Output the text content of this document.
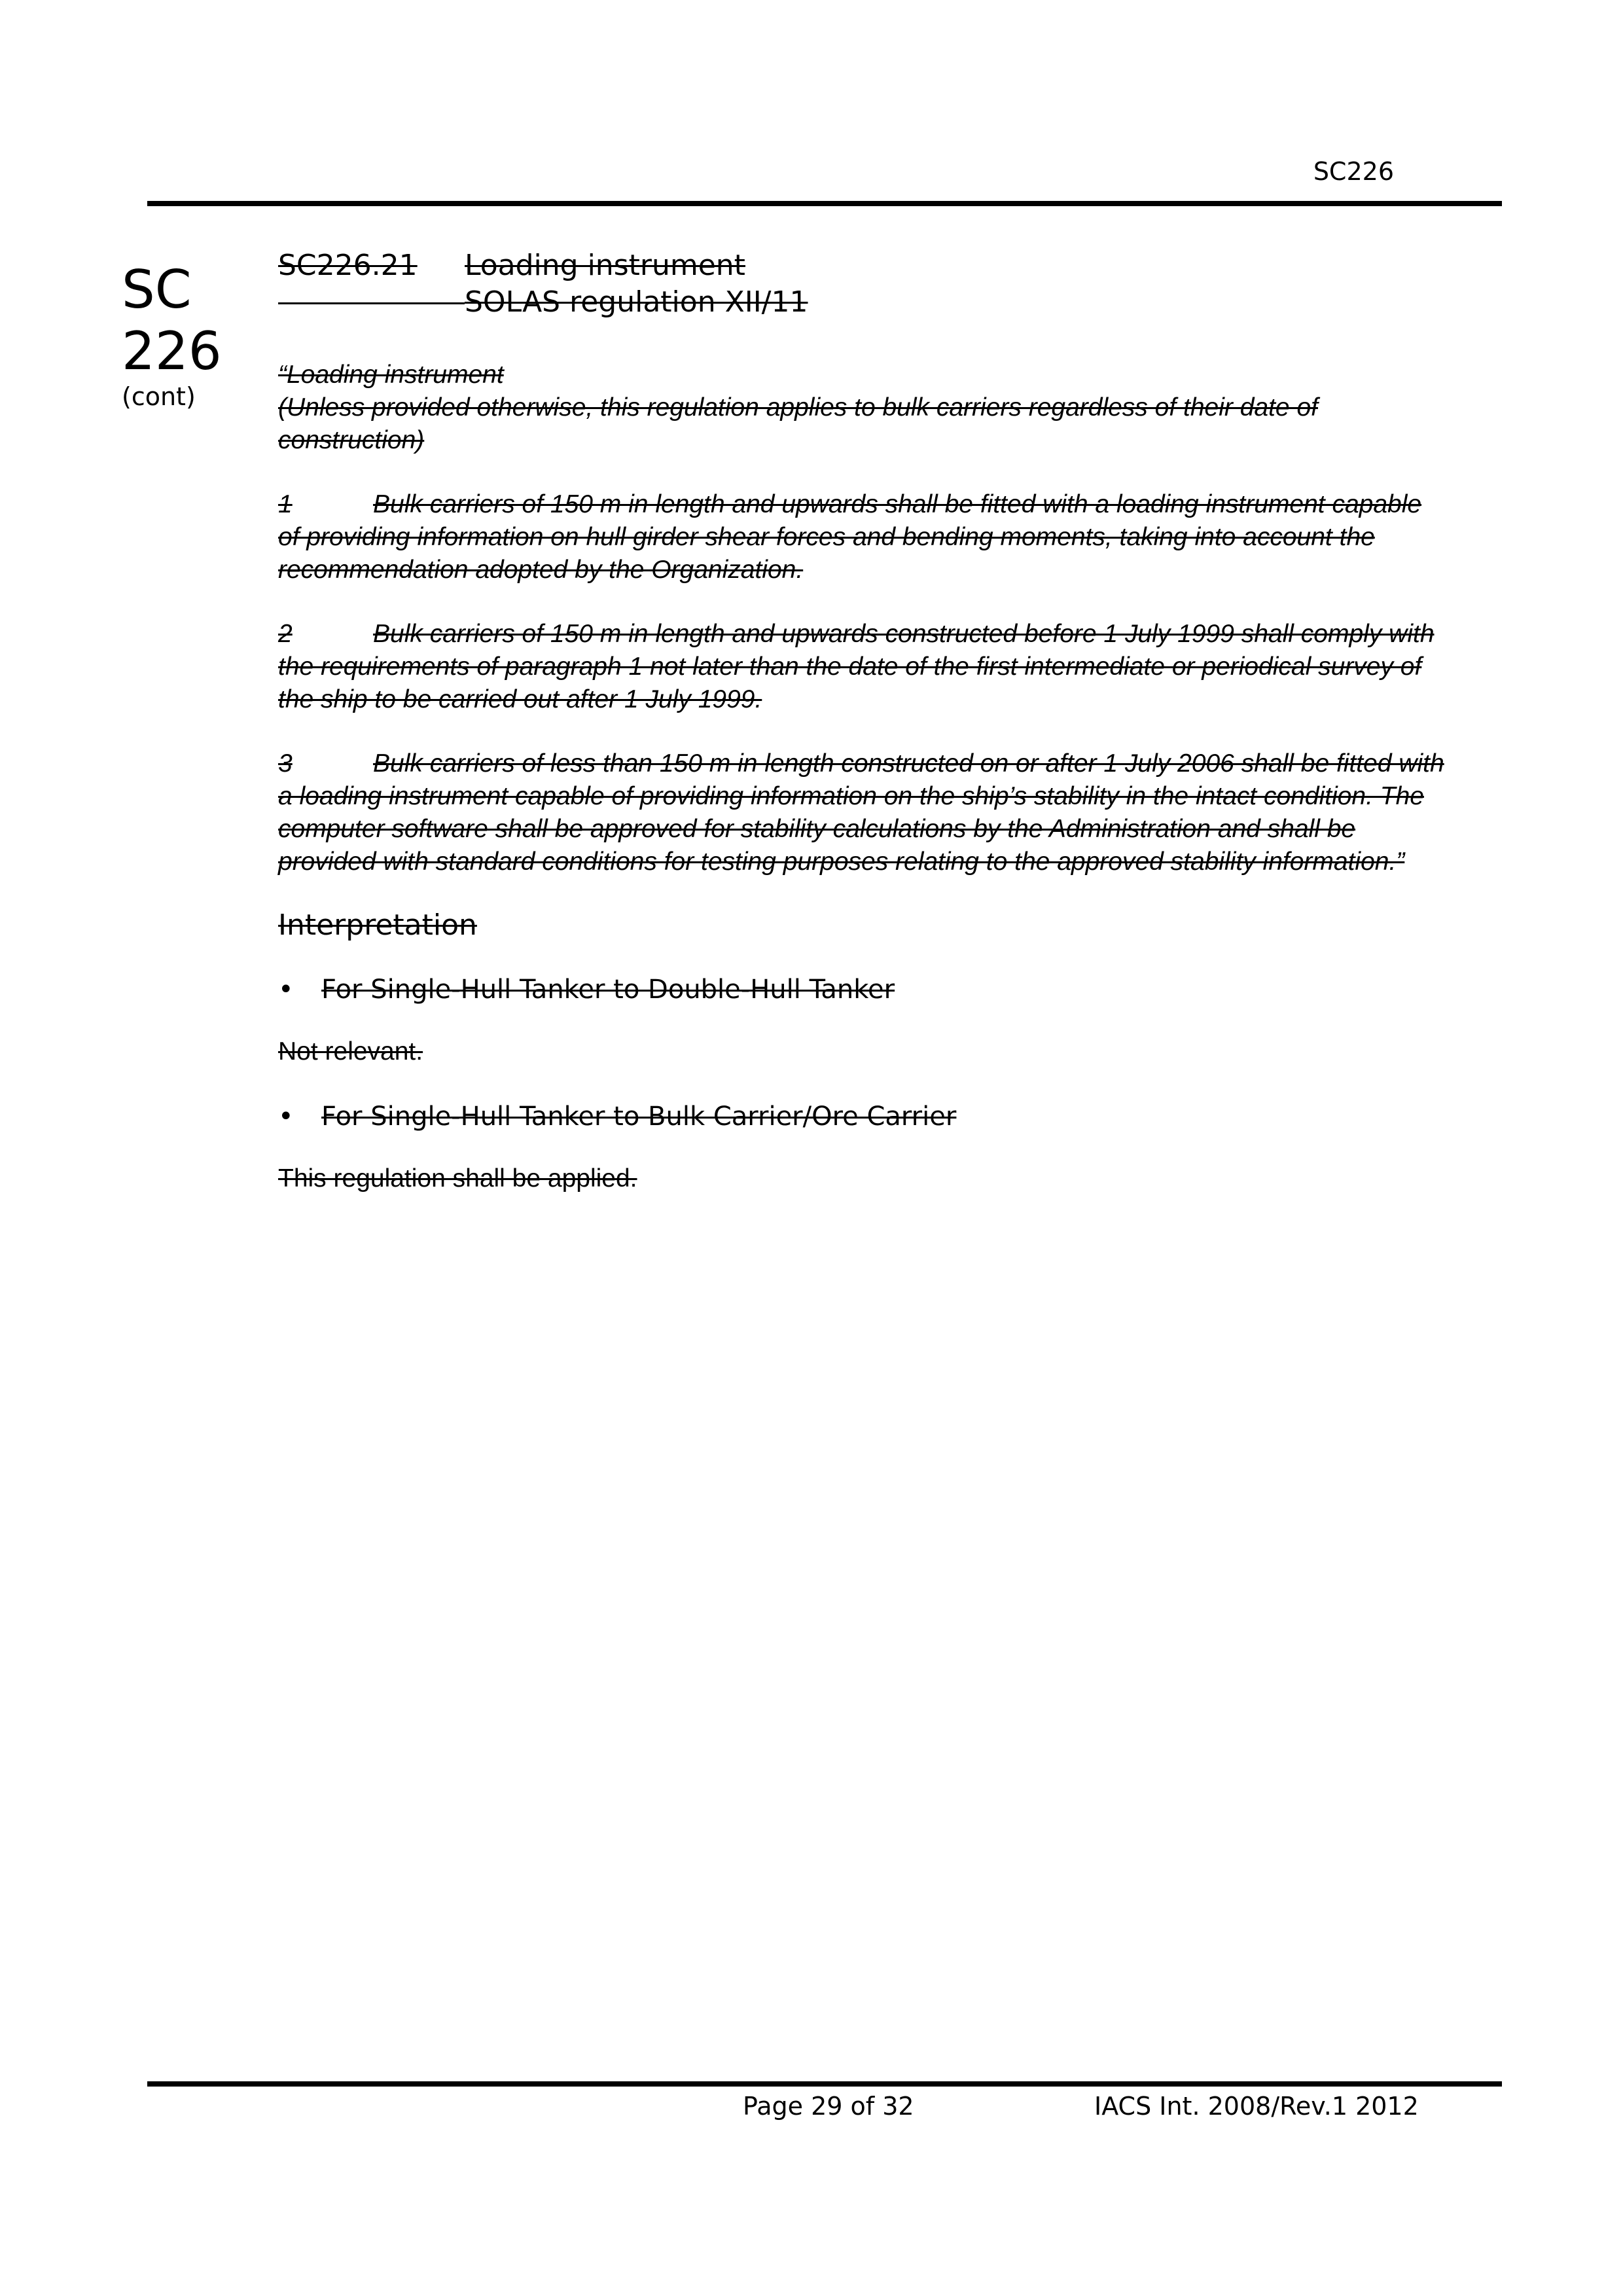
SC226
SC
226
(cont)
SC226.21	Loading instrument
SOLAS regulation XII/11

“Loading instrument

(Unless provided otherwise, this regulation applies to bulk carriers regardless of their date of construction)

1	Bulk carriers of 150 m in length and upwards shall be fitted with a loading instrument capable of providing information on hull girder shear forces and bending moments, taking into account the recommendation adopted by the Organization.

2	Bulk carriers of 150 m in length and upwards constructed before 1 July 1999 shall comply with the requirements of paragraph 1 not later than the date of the first intermediate or periodical survey of the ship to be carried out after 1 July 1999.

3	Bulk carriers of less than 150 m in length constructed on or after 1 July 2006 shall be fitted with a loading instrument capable of providing information on the ship’s stability in the intact condition. The computer software shall be approved for stability calculations by the Administration and shall be provided with standard conditions for testing purposes relating to the approved stability information.”

Interpretation

• For Single-Hull Tanker to Double-Hull Tanker

Not relevant.

• For Single-Hull Tanker to Bulk Carrier/Ore Carrier

This regulation shall be applied.

Page 29 of 32	IACS Int. 2008/Rev.1 2012
